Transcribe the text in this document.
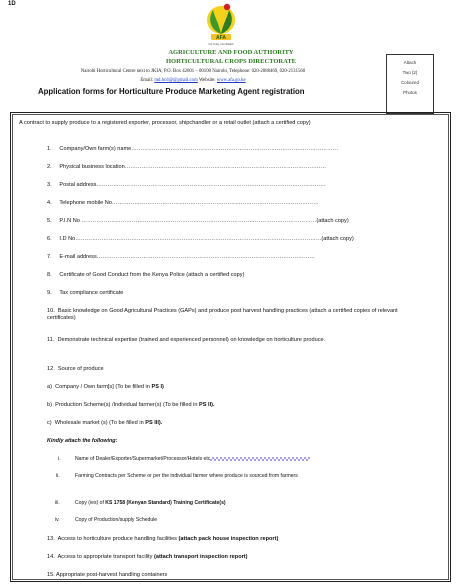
1D
AFA
For Unity, Our Wealth
AGRICULTURE AND FOOD AUTHORITY
HORTICULTURAL CROPS DIRECTORATE
Nairobi Horticultural Centre next to JKIA, P.O. Box 42601 – 00100 Nairobi, Telephone: 020-2088469, 020-2131560
Email: md.hcd@@gmail.com Website: www.afa.go.ke
Application forms for Horticulture Produce Marketing Agent registration
Attach
Two (2)
Coloured
Photos
A contract to supply produce to a registered exporter, processor, shipchandler or a retail outlet (attach a certified copy)
1.     Company/Own farm(s) name…………………………………………………………………………………………………
2.     Physical business location………………………………………………………………………………………………
3.     Postal address……………………………………………………………………………………………………………
4.     Telephone mobile No…………………………………………………………………………………………………
5.     P.I.N No ………………………………………………………………………………………………………………(attach copy)
6.     I.D No……………………………………………………………………………………………………………………(attach copy)
7.     E-mail address………………………………………………………………………………………………………
8.     Certificate of Good Conduct from the Kenya Police (attach a certified copy)
9.     Tax compliance certificate
10.  Basic knowledge on Good Agricultural Practices (GAPs) and produce post harvest handling practices (attach a certified copies of relevant certificates)
11.  Demonstrate technical expertise (trained and experienced personnel) on knowledge on horticulture produce.
12.  Source of produce
a)  Company / Own farm[s] (To be filled in PS I)
b)  Production Scheme(s) /Individual farmer(s) (To be filled in PS II).
c)  Wholesale market (s) (To be filled in PS III).
Kindly attach the following:
i.	Name of Dealer/Exporter/Supermarket/Processor/Hotels etc
ii.	Farming Contracts per Scheme or per the individual farmer where produce is sourced from farmers
iii.	Copy (ies) of KS 1758 (Kenyan Standard) Training Certificate(s)
iv.	Copy of Production/supply Schedule
13.  Access to horticulture produce handling facilities (attach pack house inspection report)
14.  Access to appropriate transport facility (attach transport inspection report)
15. Appropriate post-harvest handling containers
